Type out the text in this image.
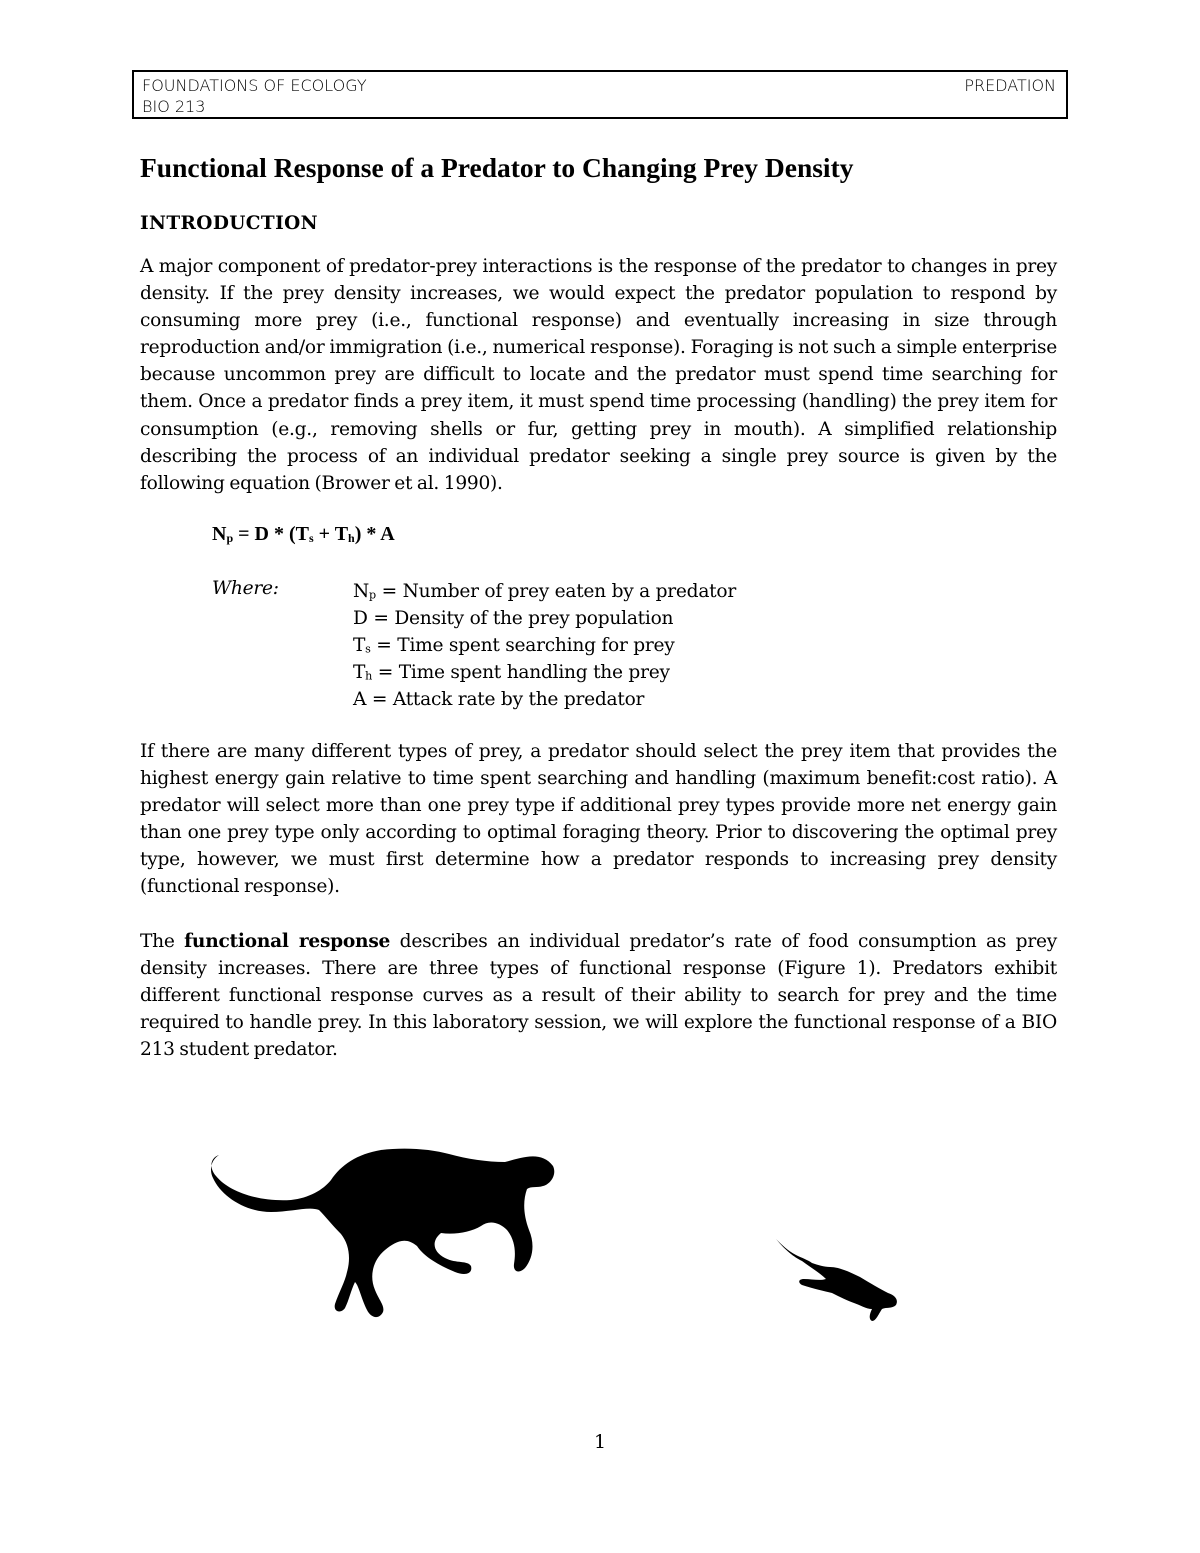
FOUNDATIONS OF ECOLOGY	PREDATION
BIO 213
Functional Response of a Predator to Changing Prey Density
INTRODUCTION

A major component of predator-prey interactions is the response of the predator to changes in prey density. If the prey density increases, we would expect the predator population to respond by consuming more prey (i.e., functional response) and eventually increasing in size through reproduction and/or immigration (i.e., numerical response). Foraging is not such a simple enterprise because uncommon prey are difficult to locate and the predator must spend time searching for them. Once a predator finds a prey item, it must spend time processing (handling) the prey item for consumption (e.g., removing shells or fur, getting prey in mouth). A simplified relationship describing the process of an individual predator seeking a single prey source is given by the following equation (Brower et al. 1990).

$N_p = D * (T_s + T_h) * A$
Where:	$N_p$ = Number of prey eaten by a predator
D = Density of the prey population
$T_s$ = Time spent searching for prey
$T_h$ = Time spent handling the prey
A = Attack rate by the predator

If there are many different types of prey, a predator should select the prey item that provides the highest energy gain relative to time spent searching and handling (maximum benefit:cost ratio). A predator will select more than one prey type if additional prey types provide more net energy gain than one prey type only according to optimal foraging theory. Prior to discovering the optimal prey type, however, we must first determine how a predator responds to increasing prey density (functional response).

The functional response describes an individual predator’s rate of food consumption as prey density increases. There are three types of functional response (Figure 1). Predators exhibit different functional response curves as a result of their ability to search for prey and the time required to handle prey. In this laboratory session, we will explore the functional response of a BIO 213 student predator.

1
